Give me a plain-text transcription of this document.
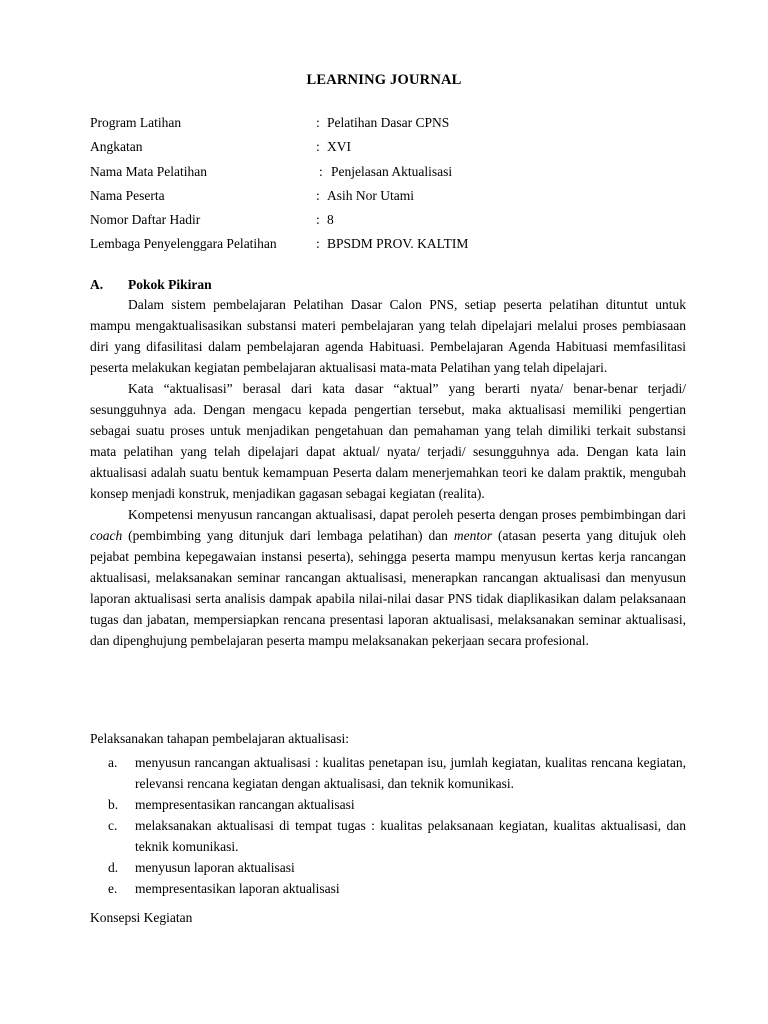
LEARNING JOURNAL
Program Latihan	: Pelatihan Dasar CPNS
Angkatan	: XVI
Nama Mata Pelatihan	: Penjelasan Aktualisasi
Nama Peserta	: Asih Nor Utami
Nomor Daftar Hadir	: 8
Lembaga Penyelenggara Pelatihan	: BPSDM PROV. KALTIM
A. Pokok Pikiran

Dalam sistem pembelajaran Pelatihan Dasar Calon PNS, setiap peserta pelatihan dituntut untuk mampu mengaktualisasikan substansi materi pembelajaran yang telah dipelajari melalui proses pembiasaan diri yang difasilitasi dalam pembelajaran agenda Habituasi. Pembelajaran Agenda Habituasi memfasilitasi peserta melakukan kegiatan pembelajaran aktualisasi mata-mata Pelatihan yang telah dipelajari.

Kata “aktualisasi” berasal dari kata dasar “aktual” yang berarti nyata/ benar-benar terjadi/ sesungguhnya ada. Dengan mengacu kepada pengertian tersebut, maka aktualisasi memiliki pengertian sebagai suatu proses untuk menjadikan pengetahuan dan pemahaman yang telah dimiliki terkait substansi mata pelatihan yang telah dipelajari dapat aktual/ nyata/ terjadi/ sesungguhnya ada. Dengan kata lain aktualisasi adalah suatu bentuk kemampuan Peserta dalam menerjemahkan teori ke dalam praktik, mengubah konsep menjadi konstruk, menjadikan gagasan sebagai kegiatan (realita).

Kompetensi menyusun rancangan aktualisasi, dapat peroleh peserta dengan proses pembimbingan dari coach (pembimbing yang ditunjuk dari lembaga pelatihan) dan mentor (atasan peserta yang ditujuk oleh pejabat pembina kepegawaian instansi peserta), sehingga peserta mampu menyusun kertas kerja rancangan aktualisasi, melaksanakan seminar rancangan aktualisasi, menerapkan rancangan aktualisasi dan menyusun laporan aktualisasi serta analisis dampak apabila nilai-nilai dasar PNS tidak diaplikasikan dalam pelaksanaan tugas dan jabatan, mempersiapkan rencana presentasi laporan aktualisasi, melaksanakan seminar aktualisasi, dan dipenghujung pembelajaran peserta mampu melaksanakan pekerjaan secara profesional.

Pelaksanakan tahapan pembelajaran aktualisasi:
a. menyusun rancangan aktualisasi : kualitas penetapan isu, jumlah kegiatan, kualitas rencana kegiatan, relevansi rencana kegiatan dengan aktualisasi, dan teknik komunikasi.
b. mempresentasikan rancangan aktualisasi
c. melaksanakan aktualisasi di tempat tugas : kualitas pelaksanaan kegiatan, kualitas aktualisasi, dan teknik komunikasi.
d. menyusun laporan aktualisasi
e. mempresentasikan laporan aktualisasi
Konsepsi Kegiatan
